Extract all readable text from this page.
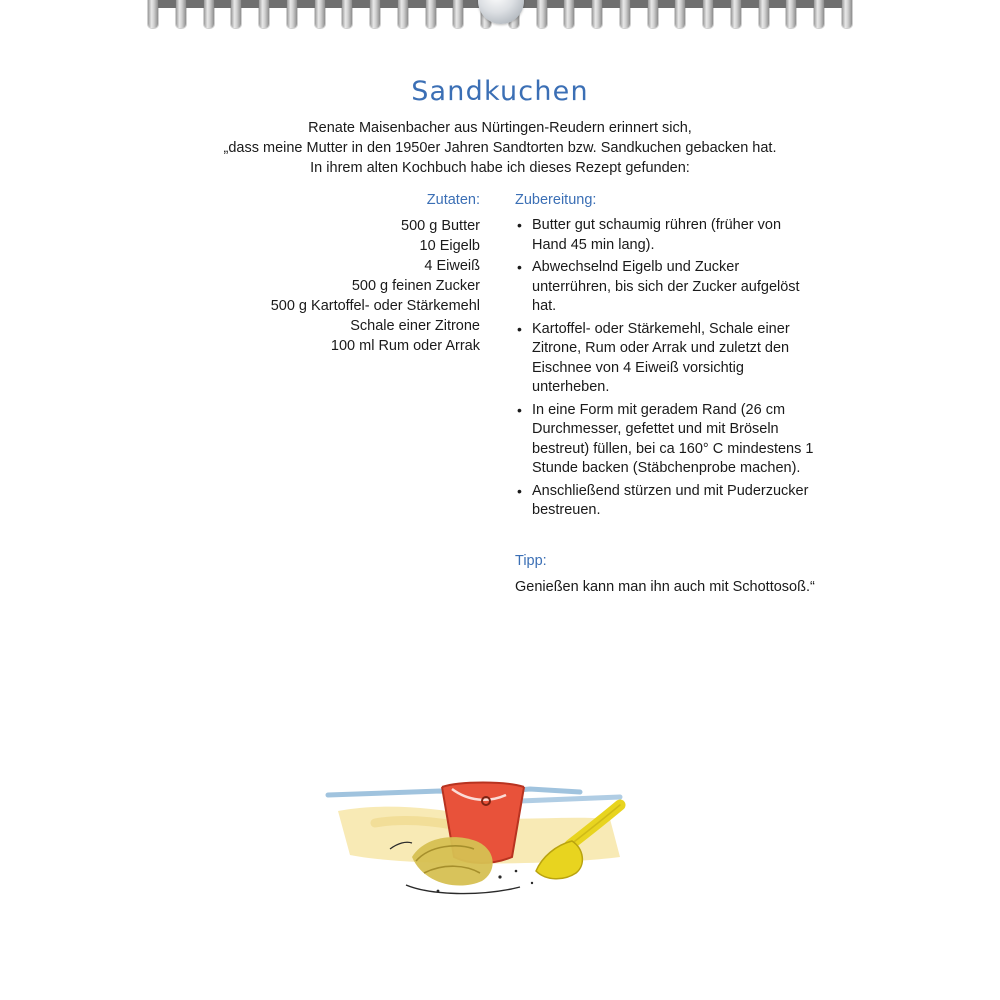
Sandkuchen
Renate Maisenbacher aus Nürtingen-Reudern erinnert sich,
„dass meine Mutter in den 1950er Jahren Sandtorten bzw. Sandkuchen gebacken hat.
In ihrem alten Kochbuch habe ich dieses Rezept gefunden:
Zutaten:
500 g Butter
10 Eigelb
4 Eiweiß
500 g feinen Zucker
500 g Kartoffel- oder Stärkemehl
Schale einer Zitrone
100 ml Rum oder Arrak
Zubereitung:
• Butter gut schaumig rühren (früher von Hand 45 min lang).
• Abwechselnd Eigelb und Zucker unterrühren, bis sich der Zucker aufgelöst hat.
• Kartoffel- oder Stärkemehl, Schale einer Zitrone, Rum oder Arrak und zuletzt den Eischnee von 4 Eiweiß vorsichtig unterheben.
• In eine Form mit geradem Rand (26 cm Durchmesser, gefettet und mit Bröseln bestreut) füllen, bei ca 160° C mindestens 1 Stunde backen (Stäbchenprobe machen).
• Anschließend stürzen und mit Puderzucker bestreuen.
Tipp:
Genießen kann man ihn auch mit Schottosoß.“
